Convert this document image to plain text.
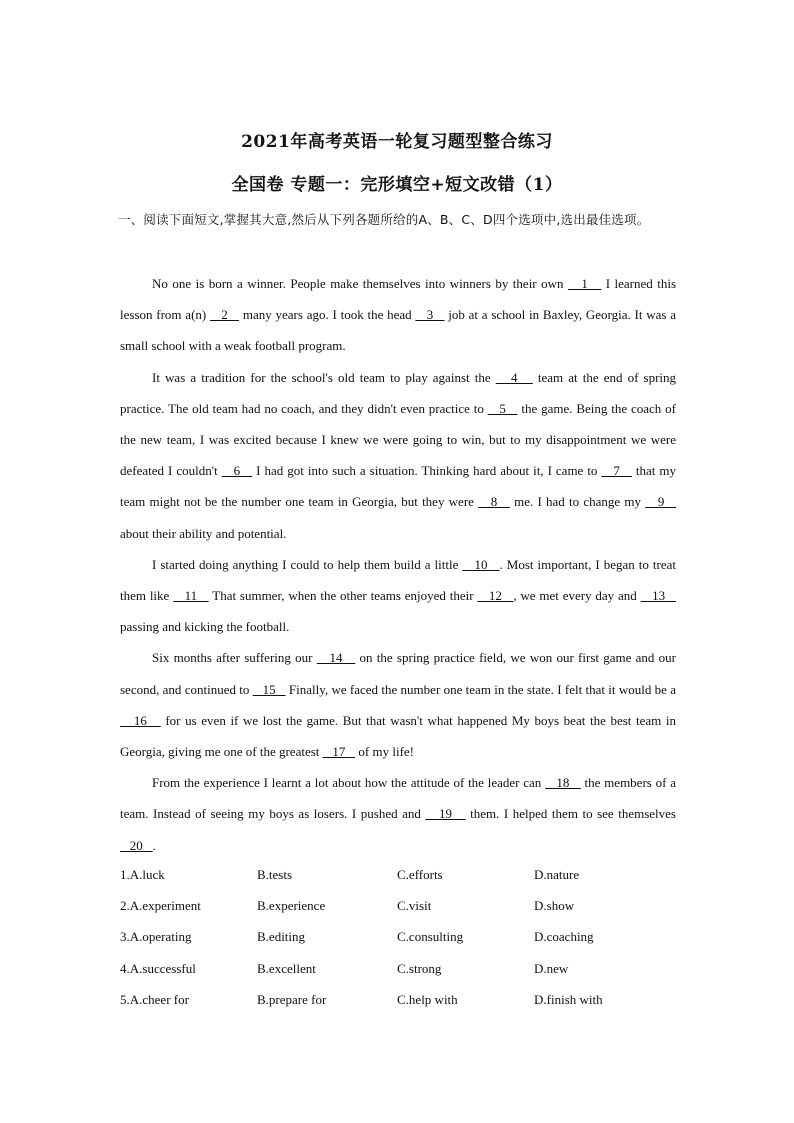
2021年高考英语一轮复习题型整合练习
全国卷 专题一：完形填空+短文改错（1）
一、阅读下面短文,掌握其大意,然后从下列各题所给的A、B、C、D四个选项中,选出最佳选项。

No one is born a winner. People make themselves into winners by their own    1    I learned this lesson from a(n)    2    many years ago. I took the head    3    job at a school in Baxley, Georgia. It was a small school with a weak football program.

It was a tradition for the school's old team to play against the    4    team at the end of spring practice. The old team had no coach, and they didn't even practice to    5    the game. Being the coach of the new team, I was excited because I knew we were going to win, but to my disappointment we were defeated I couldn't    6    I had got into such a situation. Thinking hard about it, I came to    7    that my team might not be the number one team in Georgia, but they were    8    me. I had to change my    9    about their ability and potential.

I started doing anything I could to help them build a little    10   . Most important, I began to treat them like    11    That summer, when the other teams enjoyed their    12   , we met every day and    13    passing and kicking the football.

Six months after suffering our    14    on the spring practice field, we won our first game and our second, and continued to    15    Finally, we faced the number one team in the state. I felt that it would be a    16    for us even if we lost the game. But that wasn't what happened My boys beat the best team in Georgia, giving me one of the greatest    17    of my life!

From the experience I learnt a lot about how the attitude of the leader can    18    the members of a team. Instead of seeing my boys as losers. I pushed and    19    them. I helped them to see themselves    20   .

1.A.luck	B.tests	C.efforts	D.nature
2.A.experiment	B.experience	C.visit	D.show
3.A.operating	B.editing	C.consulting	D.coaching
4.A.successful	B.excellent	C.strong	D.new
5.A.cheer for	B.prepare for	C.help with	D.finish with
